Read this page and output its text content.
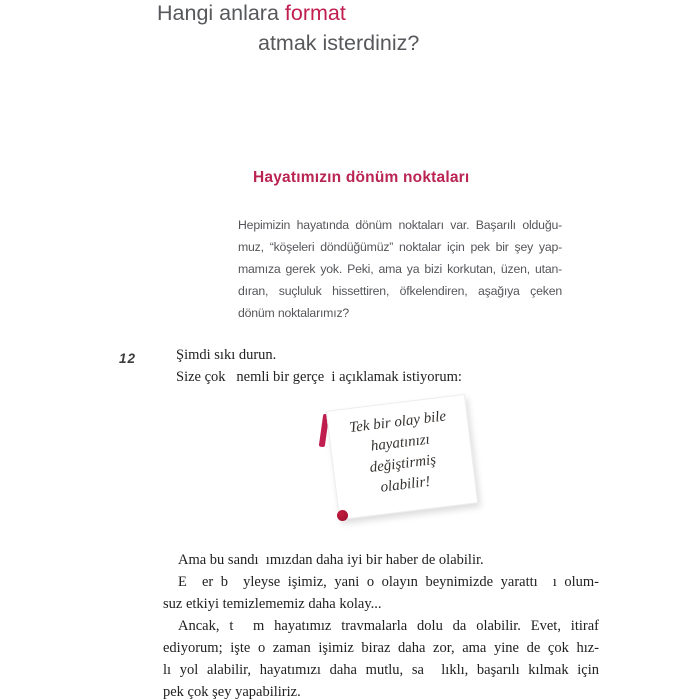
Hangi anlara format
atmak isterdiniz?
Hayatımızın dönüm noktaları
Hepimizin hayatında dönüm noktaları var. Başarılı olduğu-
muz, “köşeleri döndüğümüz” noktalar için pek bir şey yap-
mamıza gerek yok. Peki, ama ya bizi korkutan, üzen, utan-
dıran, suçluluk hissettiren, öfkelendiren, aşağıya çeken
dönüm noktalarımız?
12	Şimdi sıkı durun.
Size çok   nemli bir gerçe  i açıklamak istiyorum:
Tek bir olay bile
hayatınızı
değiştirmiş
olabilir!
Ama bu sandı  ımızdan daha iyi bir haber de olabilir.
E  er b  yleyse işimiz, yani o olayın beynimizde yarattı  ı olum-
suz etkiyi temizlememiz daha kolay...
Ancak, t  m hayatımız travmalarla dolu da olabilir. Evet, itiraf
ediyorum; işte o zaman işimiz biraz daha zor, ama yine de çok hız-
lı yol alabilir, hayatımızı daha mutlu, sa  lıklı, başarılı kılmak için
pek çok şey yapabiliriz.
